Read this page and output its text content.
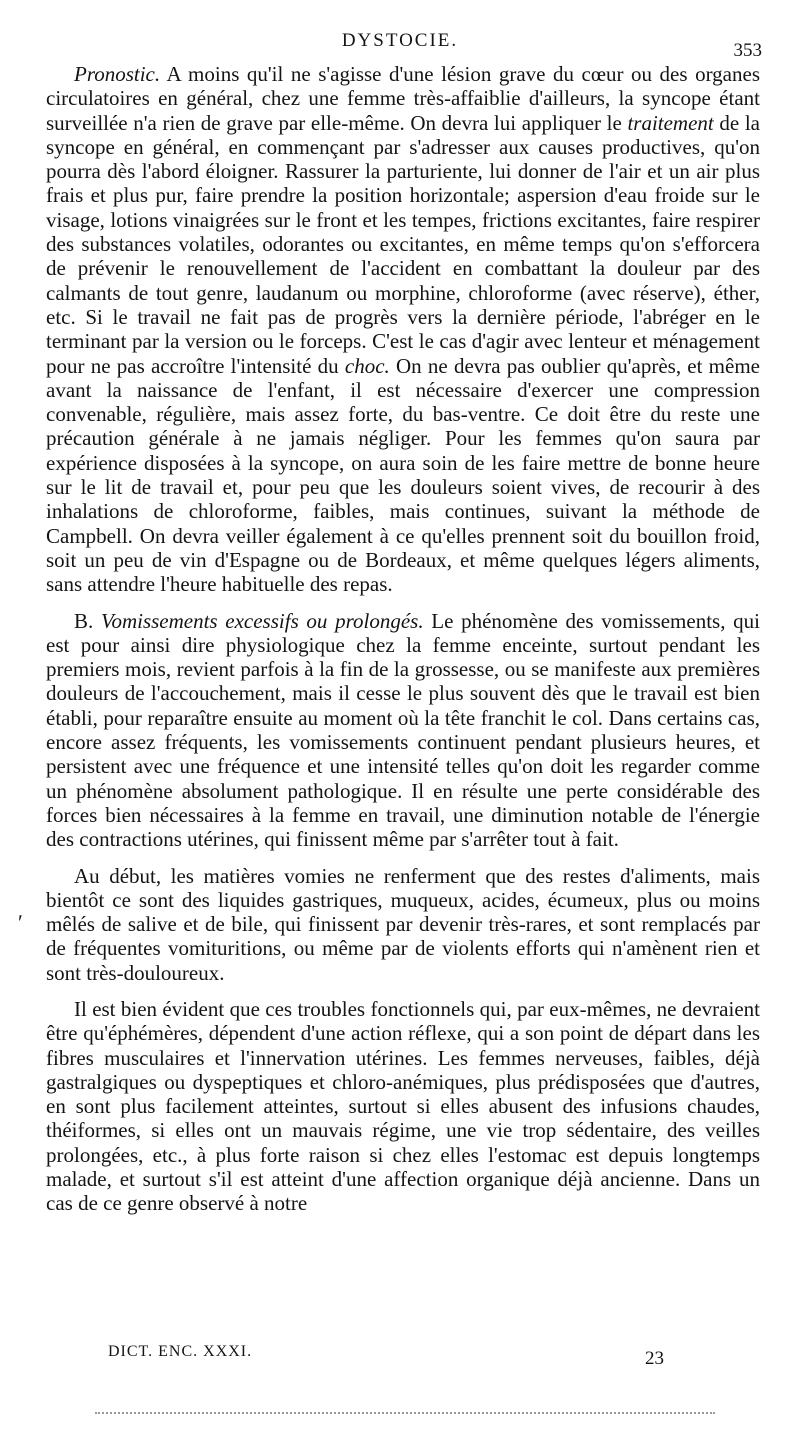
DYSTOCIE.	353

Pronostic. A moins qu'il ne s'agisse d'une lésion grave du cœur ou des organes circulatoires en général, chez une femme très-affaiblie d'ailleurs, la syncope étant surveillée n'a rien de grave par elle-même. On devra lui appliquer le traitement de la syncope en général, en commençant par s'adresser aux causes productives, qu'on pourra dès l'abord éloigner. Rassurer la parturiente, lui donner de l'air et un air plus frais et plus pur, faire prendre la position horizontale; aspersion d'eau froide sur le visage, lotions vinaigrées sur le front et les tempes, frictions excitantes, faire respirer des substances volatiles, odorantes ou excitantes, en même temps qu'on s'efforcera de prévenir le renouvellement de l'accident en combattant la douleur par des calmants de tout genre, laudanum ou morphine, chloroforme (avec réserve), éther, etc. Si le travail ne fait pas de progrès vers la dernière période, l'abréger en le terminant par la version ou le forceps. C'est le cas d'agir avec lenteur et ménagement pour ne pas accroître l'intensité du choc. On ne devra pas oublier qu'après, et même avant la naissance de l'enfant, il est nécessaire d'exercer une compression convenable, régulière, mais assez forte, du bas-ventre. Ce doit être du reste une précaution générale à ne jamais négliger. Pour les femmes qu'on saura par expérience disposées à la syncope, on aura soin de les faire mettre de bonne heure sur le lit de travail et, pour peu que les douleurs soient vives, de recourir à des inhalations de chloroforme, faibles, mais continues, suivant la méthode de Campbell. On devra veiller également à ce qu'elles prennent soit du bouillon froid, soit un peu de vin d'Espagne ou de Bordeaux, et même quelques légers aliments, sans attendre l'heure habituelle des repas.

B. Vomissements excessifs ou prolongés. Le phénomène des vomissements, qui est pour ainsi dire physiologique chez la femme enceinte, surtout pendant les premiers mois, revient parfois à la fin de la grossesse, ou se manifeste aux premières douleurs de l'accouchement, mais il cesse le plus souvent dès que le travail est bien établi, pour reparaître ensuite au moment où la tête franchit le col. Dans certains cas, encore assez fréquents, les vomissements continuent pendant plusieurs heures, et persistent avec une fréquence et une intensité telles qu'on doit les regarder comme un phénomène absolument pathologique. Il en résulte une perte considérable des forces bien nécessaires à la femme en travail, une diminution notable de l'énergie des contractions utérines, qui finissent même par s'arrêter tout à fait.

Au début, les matières vomies ne renferment que des restes d'aliments, mais bientôt ce sont des liquides gastriques, muqueux, acides, écumeux, plus ou moins mêlés de salive et de bile, qui finissent par devenir très-rares, et sont remplacés par de fréquentes vomituritions, ou même par de violents efforts qui n'amènent rien et sont très-douloureux.

Il est bien évident que ces troubles fonctionnels qui, par eux-mêmes, ne devraient être qu'éphémères, dépendent d'une action réflexe, qui a son point de départ dans les fibres musculaires et l'innervation utérines. Les femmes nerveuses, faibles, déjà gastralgiques ou dyspeptiques et chloro-anémiques, plus prédisposées que d'autres, en sont plus facilement atteintes, surtout si elles abusent des infusions chaudes, théiformes, si elles ont un mauvais régime, une vie trop sédentaire, des veilles prolongées, etc., à plus forte raison si chez elles l'estomac est depuis longtemps malade, et surtout s'il est atteint d'une affection organique déjà ancienne. Dans un cas de ce genre observé à notre

ʹ
DICT. ENC. XXXI.	23
